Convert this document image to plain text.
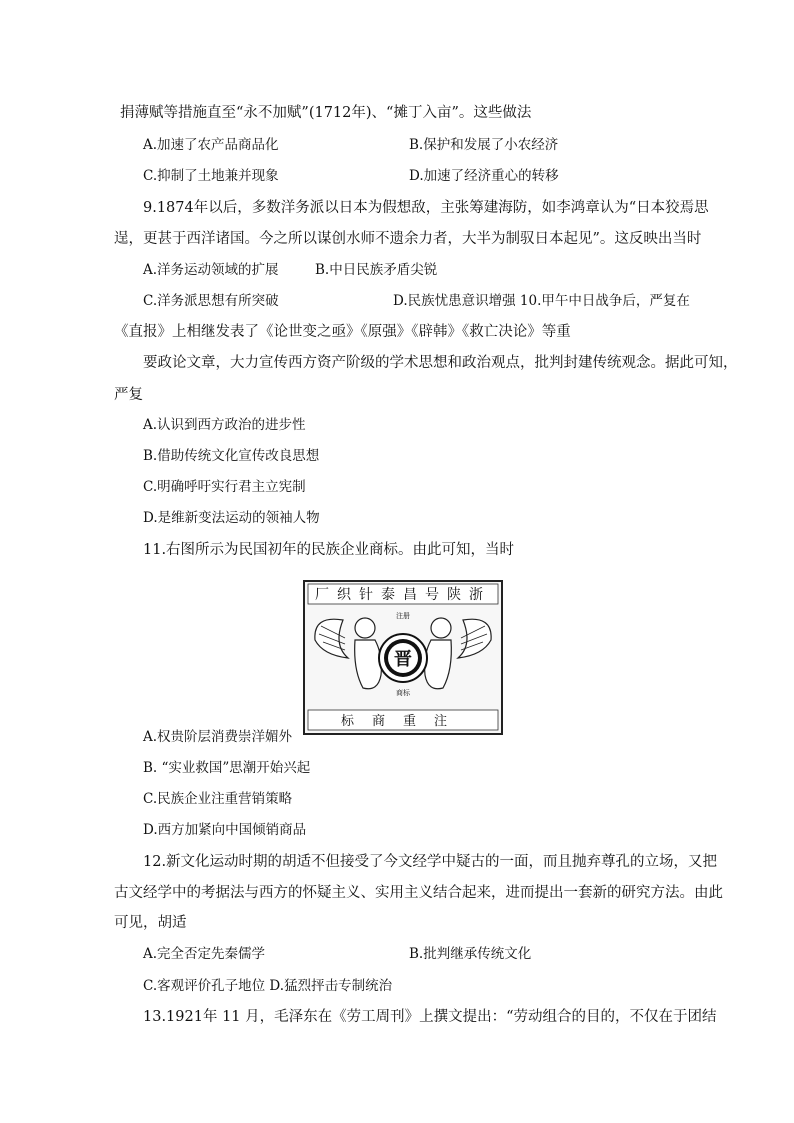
捐薄赋等措施直至“永不加赋”(1712年)、“摊丁入亩”。这些做法
A.加速了农产品商品化	B.保护和发展了小农经济
C.抑制了土地兼并现象	D.加速了经济重心的转移
9.1874年以后，多数洋务派以日本为假想敌，主张筹建海防，如李鸿章认为“日本狡焉思
逞，更甚于西洋诸国。今之所以谋创水师不遗余力者，大半为制驭日本起见”。这反映出当时
A.洋务运动领域的扩展	B.中日民族矛盾尖锐
C.洋务派思想有所突破	D.民族忧患意识增强 10.甲午中日战争后，严复在
《直报》上相继发表了《论世变之亟》《原强》《辟韩》《救亡决论》等重
要政论文章，大力宣传西方资产阶级的学术思想和政治观点，批判封建传统观念。据此可知，
严复
A.认识到西方政治的进步性
B.借助传统文化宣传改良思想
C.明确呼吁实行君主立宪制
D.是维新变法运动的领袖人物
11.右图所示为民国初年的民族企业商标。由此可知，当时
厂织针泰昌号陕浙
晋
注册
商标
标商重注
A.权贵阶层消费崇洋媚外
B. “实业救国”思潮开始兴起
C.民族企业注重营销策略
D.西方加紧向中国倾销商品
12.新文化运动时期的胡适不但接受了今文经学中疑古的一面，而且抛弃尊孔的立场，又把
古文经学中的考据法与西方的怀疑主义、实用主义结合起来，进而提出一套新的研究方法。由此
可见，胡适
A.完全否定先秦儒学	B.批判继承传统文化
C.客观评价孔子地位 D.猛烈抨击专制统治
13.1921年 11 月，毛泽东在《劳工周刊》上撰文提出：“劳动组合的目的，不仅在于团结
